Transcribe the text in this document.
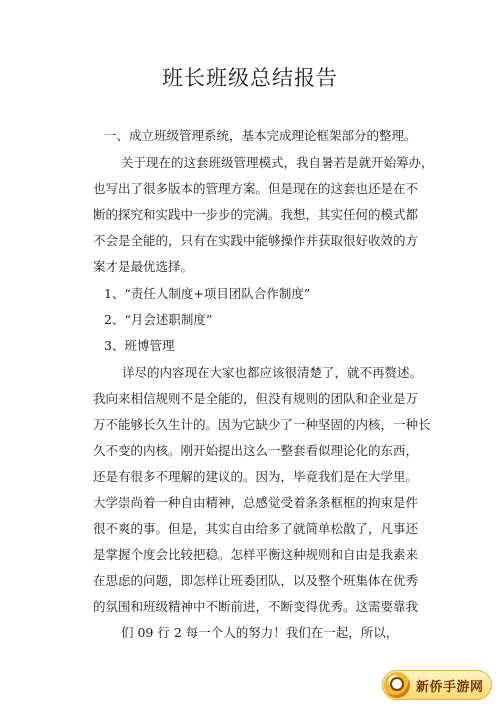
班长班级总结报告
一、成立班级管理系统，基本完成理论框架部分的整理。
关于现在的这套班级管理模式，我自暑若是就开始筹办，
也写出了很多版本的管理方案。但是现在的这套也还是在不
断的探究和实践中一步步的完满。我想，其实任何的模式都
不会是全能的，只有在实践中能够操作并获取很好收效的方
案才是最优选择。
1、“责任人制度+项目团队合作制度”
2、“月会述职制度”
3、班博管理
详尽的内容现在大家也都应该很清楚了，就不再赘述。
我向来相信规则不是全能的，但没有规则的团队和企业是万
万不能够长久生计的。因为它缺少了一种坚固的内核，一种长
久不变的内核。刚开始提出这么一整套看似理论化的东西，
还是有很多不理解的建议的。因为，毕竟我们是在大学里。
大学崇尚着一种自由精神，总感觉受着条条框框的拘束是件
很不爽的事。但是，其实自由给多了就简单松散了，凡事还
是掌握个度会比较把稳。怎样平衡这种规则和自由是我素来
在思虑的问题，即怎样让班委团队，以及整个班集体在优秀
的氛围和班级精神中不断前进，不断变得优秀。这需要靠我
们 09 行 2 每一个人的努力！我们在一起，所以，
新侨手游网
